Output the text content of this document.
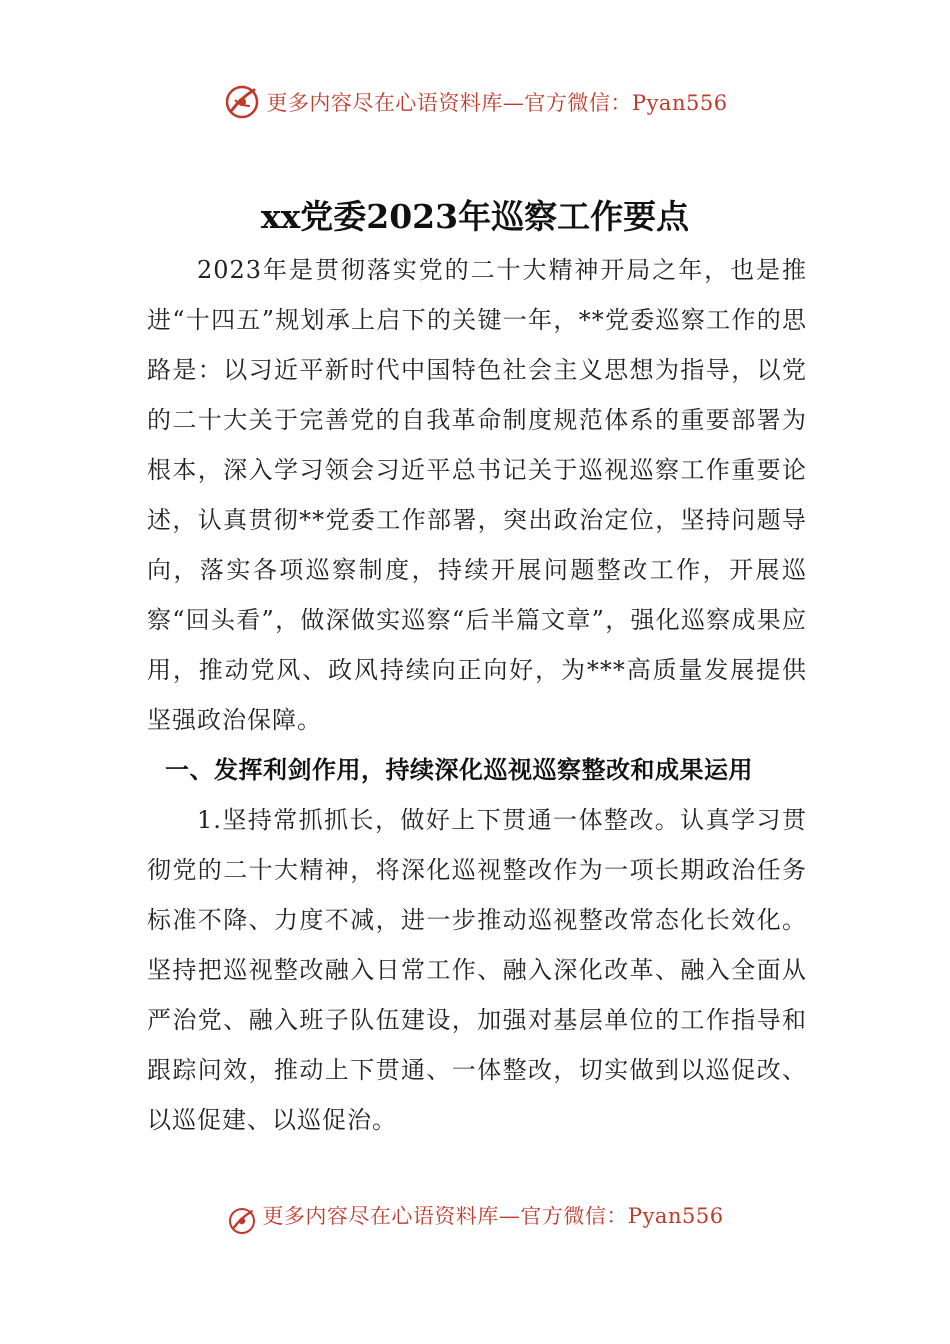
更多内容尽在心语资料库—官方微信：Pyan556
xx党委2023年巡察工作要点

2023年是贯彻落实党的二十大精神开局之年，也是推进“十四五”规划承上启下的关键一年，**党委巡察工作的思路是：以习近平新时代中国特色社会主义思想为指导，以党的二十大关于完善党的自我革命制度规范体系的重要部署为根本，深入学习领会习近平总书记关于巡视巡察工作重要论述，认真贯彻**党委工作部署，突出政治定位，坚持问题导向，落实各项巡察制度，持续开展问题整改工作，开展巡察“回头看”，做深做实巡察“后半篇文章”，强化巡察成果应用，推动党风、政风持续向正向好，为***高质量发展提供坚强政治保障。

一、发挥利剑作用，持续深化巡视巡察整改和成果运用

1.坚持常抓抓长，做好上下贯通一体整改。认真学习贯彻党的二十大精神，将深化巡视整改作为一项长期政治任务标准不降、力度不减，进一步推动巡视整改常态化长效化。坚持把巡视整改融入日常工作、融入深化改革、融入全面从严治党、融入班子队伍建设，加强对基层单位的工作指导和跟踪问效，推动上下贯通、一体整改，切实做到以巡促改、以巡促建、以巡促治。

更多内容尽在心语资料库—官方微信：Pyan556
